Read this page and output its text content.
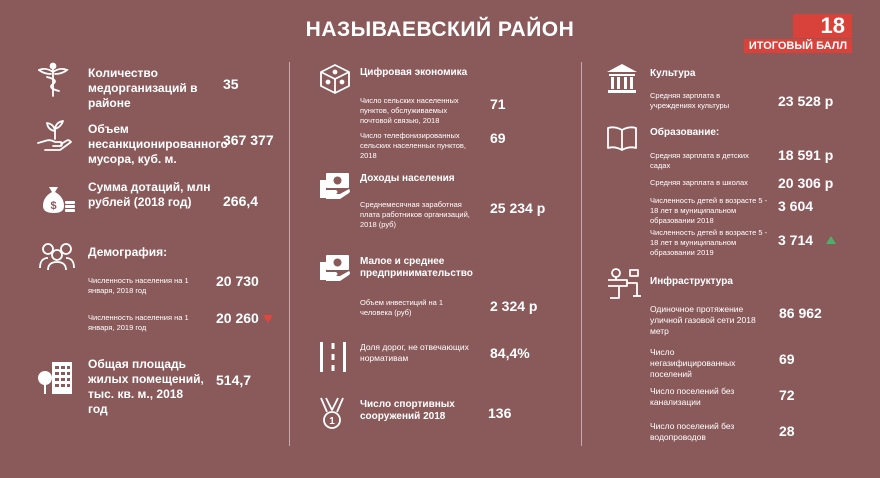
НАЗЫВАЕВСКИЙ РАЙОН	18
ИТОГОВЫЙ БАЛЛ
Количество медорганизаций в районе
35
Объем несанкционированного мусора, куб. м.
367 377
$
Сумма дотаций, млн рублей (2018 год)	266,4
Демография:
Численность населения на 1 января, 2018 год
20 730
Численность населения на 1 января, 2019 год
20 260
Общая площадь жилых помещений, тыс. кв. м., 2018 год
514,7
Цифровая экономика
Число сельских населенных пунктов, обслуживаемых почтовой связью, 2018
71
Число телефонизированных сельских населенных пунктов, 2018
69
Доходы населения
Среднемесячная заработная плата работников организаций, 2018 (руб)
25 234 р
Малое и среднее предпринимательство
Объем инвестиций на 1 человека (руб)	2 324 р
Доля дорог, не отвечающих нормативам	84,4%
1
Число спортивных сооружений 2018	136
Культура
Средняя зарплата в учреждениях культуры	23 528 р
Образование:
Средняя зарплата в детских садах
18 591 р
Средняя зарплата в школах	20 306 р
Численность детей в возрасте 5 - 18 лет в муниципальном образовании 2018
3 604
Численность детей в возрасте 5 - 18 лет в муниципальном образовании 2019
3 714
Инфраструктура
Одиночное протяжение уличной газовой сети 2018 метр
86 962
Число негазифицированных поселений
69
Число поселений без канализации	72
Число поселений без водопроводов	28
